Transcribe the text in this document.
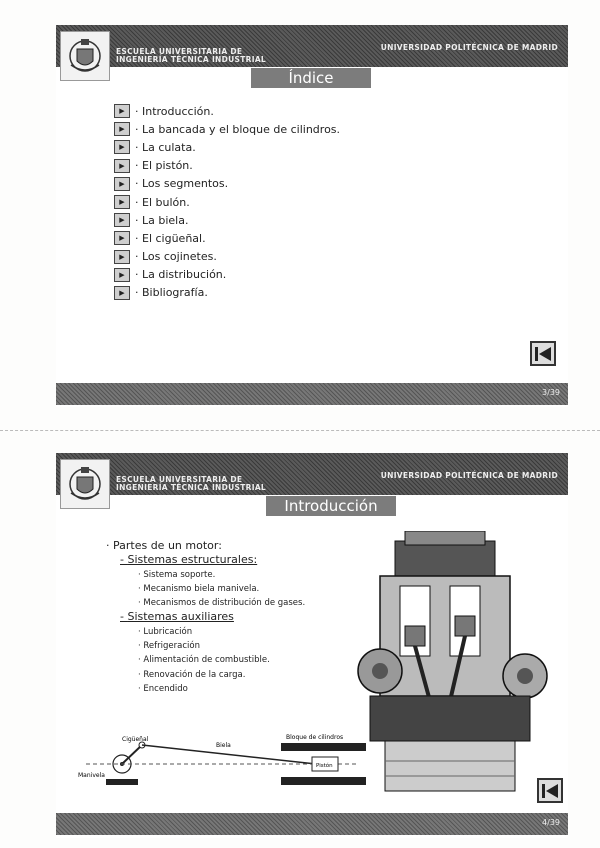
ESCUELA UNIVERSITARIA DE
INGENIERÍA TÉCNICA INDUSTRIAL
UNIVERSIDAD POLITÉCNICA DE MADRID
Índice
▶ · Introducción.
▶ · La bancada y el bloque de cilindros.
▶ · La culata.
▶ · El pistón.
▶ · Los segmentos.
▶ · El bulón.
▶ · La biela.
▶ · El cigüeñal.
▶ · Los cojinetes.
▶ · La distribución.
▶ · Bibliografía.
3/39
ESCUELA UNIVERSITARIA DE
INGENIERÍA TÉCNICA INDUSTRIAL
UNIVERSIDAD POLITÉCNICA DE MADRID
Introducción
· Partes de un motor:
- Sistemas estructurales:
· Sistema soporte.
· Mecanismo biela manivela.
· Mecanismos de distribución de gases.
- Sistemas auxiliares
· Lubricación
· Refrigeración
· Alimentación de combustible.
· Renovación de la carga.
· Encendido
Cigüeñal
Biela
Bloque de cilindros
Manivela
Pistón
4/39
